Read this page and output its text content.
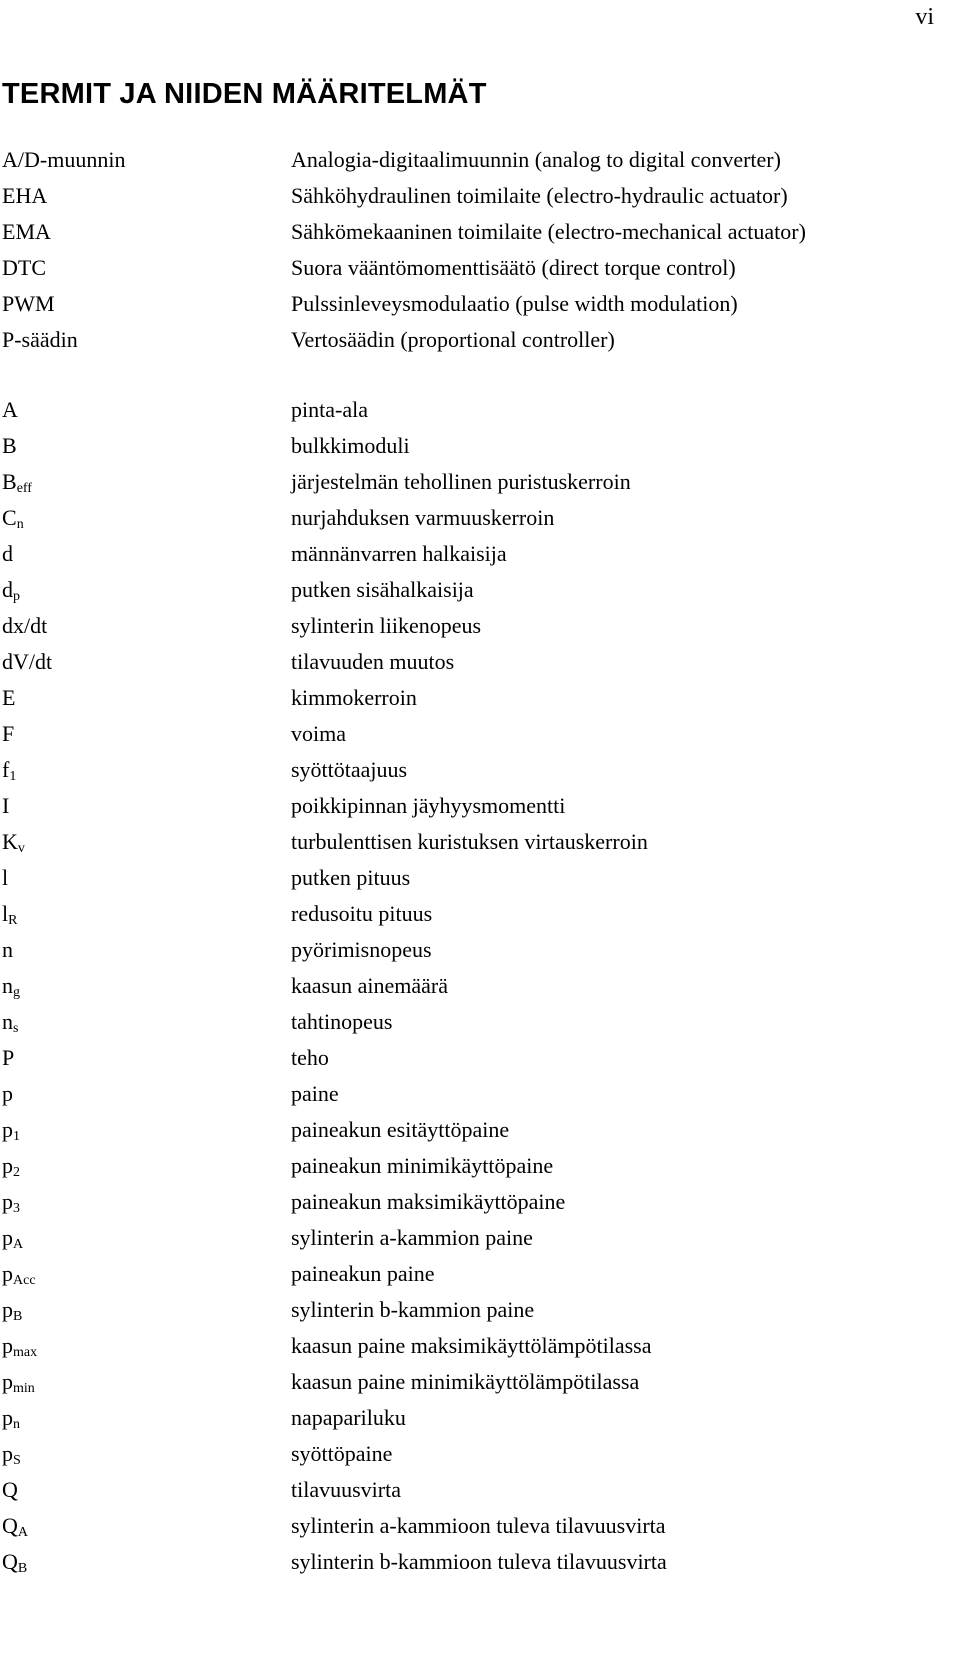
vi
TERMIT JA NIIDEN MÄÄRITELMÄT
A/D-muunnin	Analogia-digitaalimuunnin (analog to digital converter)
EHA	Sähköhydraulinen toimilaite (electro-hydraulic actuator)
EMA	Sähkömekaaninen toimilaite (electro-mechanical actuator)
DTC	Suora vääntömomenttisäätö (direct torque control)
PWM	Pulssinleveysmodulaatio (pulse width modulation)
P-säädin	Vertosäädin (proportional controller)
A	pinta-ala
B	bulkkimoduli
$B_{eff}$	järjestelmän tehollinen puristuskerroin
$C_n$	nurjahduksen varmuuskerroin
d	männänvarren halkaisija
$d_p$	putken sisähalkaisija
dx/dt	sylinterin liikenopeus
dV/dt	tilavuuden muutos
E	kimmokerroin
F	voima
$f_1$	syöttötaajuus
I	poikkipinnan jäyhyysmomentti
$K_v$	turbulenttisen kuristuksen virtauskerroin
l	putken pituus
$l_R$	redusoitu pituus
n	pyörimisnopeus
$n_g$	kaasun ainemäärä
$n_s$	tahtinopeus
P	teho
p	paine
$p_1$	paineakun esitäyttöpaine
$p_2$	paineakun minimikäyttöpaine
$p_3$	paineakun maksimikäyttöpaine
$p_A$	sylinterin a-kammion paine
$p_{Acc}$	paineakun paine
$p_B$	sylinterin b-kammion paine
$p_{max}$	kaasun paine maksimikäyttölämpötilassa
$p_{min}$	kaasun paine minimikäyttölämpötilassa
$p_n$	napapariluku
$p_S$	syöttöpaine
Q	tilavuusvirta
$Q_A$	sylinterin a-kammioon tuleva tilavuusvirta
$Q_B$	sylinterin b-kammioon tuleva tilavuusvirta
